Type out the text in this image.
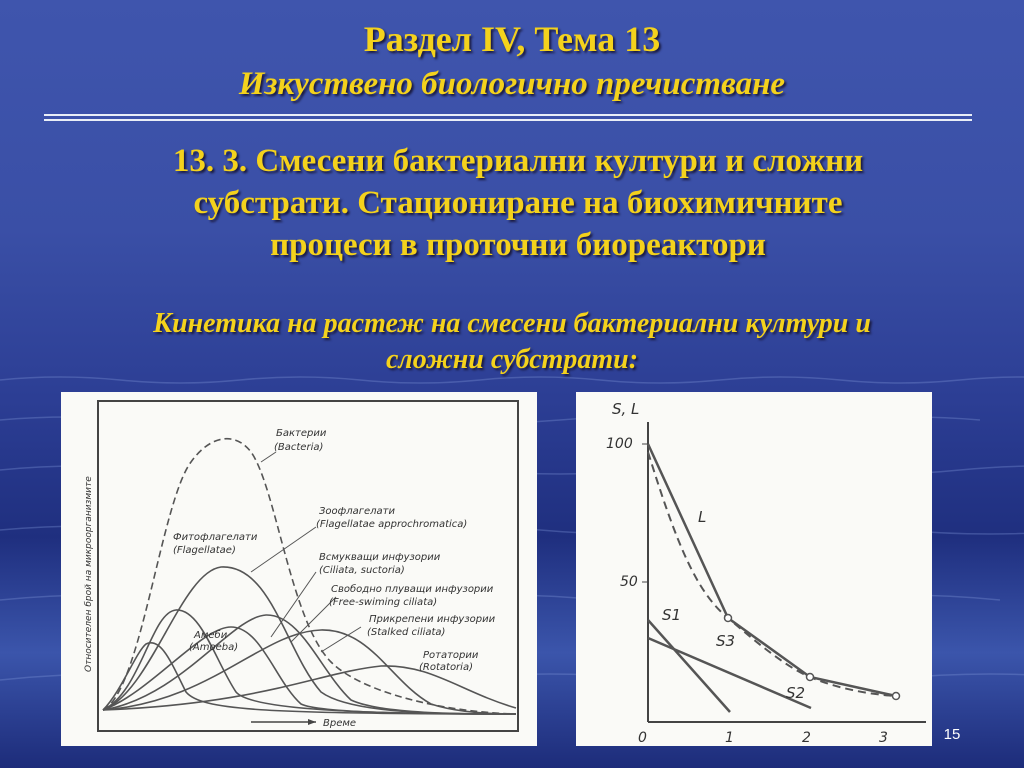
Раздел IV, Тема 13
Изкуствено биологично пречистване
13. 3. Смесени бактериални култури и сложни
субстрати. Стациониране на биохимичните
процеси в проточни биореактори
Кинетика на растеж на смесени бактериални култури и
сложни субстрати:
Относителен брой на микроорганизмите
Време
Бактерии
(Bacteria)
Зоофлагелати
(Flagellatae approchromatica)
Фитофлагелати
(Flagellatae)
Всмукващи инфузории
(Ciliata, suctoria)
Свободно плуващи инфузории
(Free-swiming ciliata)
Прикрепени инфузории
(Stalked ciliata)
Амеби
(Amoeba)
Ротатории
(Rotatoria)
S, L
100
50
0	1	2	3
L
S1
S3
S2
15
